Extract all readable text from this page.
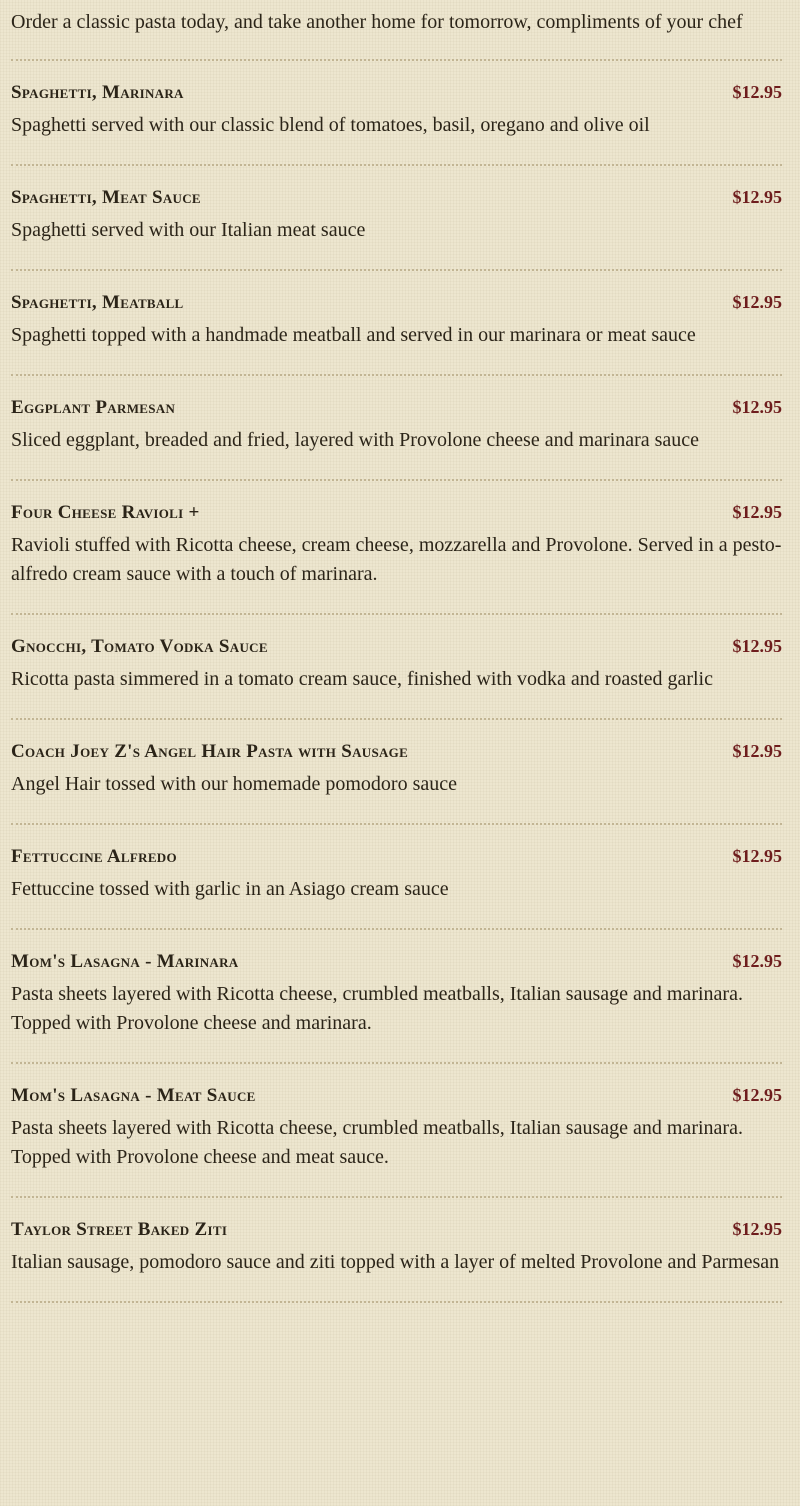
Order a classic pasta today, and take another home for tomorrow, compliments of your chef

Spaghetti, Marinara	$12.95
Spaghetti served with our classic blend of tomatoes, basil, oregano and olive oil
Spaghetti, Meat Sauce	$12.95
Spaghetti served with our Italian meat sauce
Spaghetti, Meatball	$12.95
Spaghetti topped with a handmade meatball and served in our marinara or meat sauce
Eggplant Parmesan	$12.95
Sliced eggplant, breaded and fried, layered with Provolone cheese and marinara sauce
Four Cheese Ravioli +	$12.95
Ravioli stuffed with Ricotta cheese, cream cheese, mozzarella and Provolone. Served in a pesto-alfredo cream sauce with a touch of marinara.
Gnocchi, Tomato Vodka Sauce	$12.95
Ricotta pasta simmered in a tomato cream sauce, finished with vodka and roasted garlic
Coach Joey Z's Angel Hair Pasta with Sausage	$12.95
Angel Hair tossed with our homemade pomodoro sauce
Fettuccine Alfredo	$12.95
Fettuccine tossed with garlic in an Asiago cream sauce
Mom's Lasagna - Marinara	$12.95
Pasta sheets layered with Ricotta cheese, crumbled meatballs, Italian sausage and marinara. Topped with Provolone cheese and marinara.
Mom's Lasagna - Meat Sauce	$12.95
Pasta sheets layered with Ricotta cheese, crumbled meatballs, Italian sausage and marinara. Topped with Provolone cheese and meat sauce.
Taylor Street Baked Ziti	$12.95
Italian sausage, pomodoro sauce and ziti topped with a layer of melted Provolone and Parmesan
